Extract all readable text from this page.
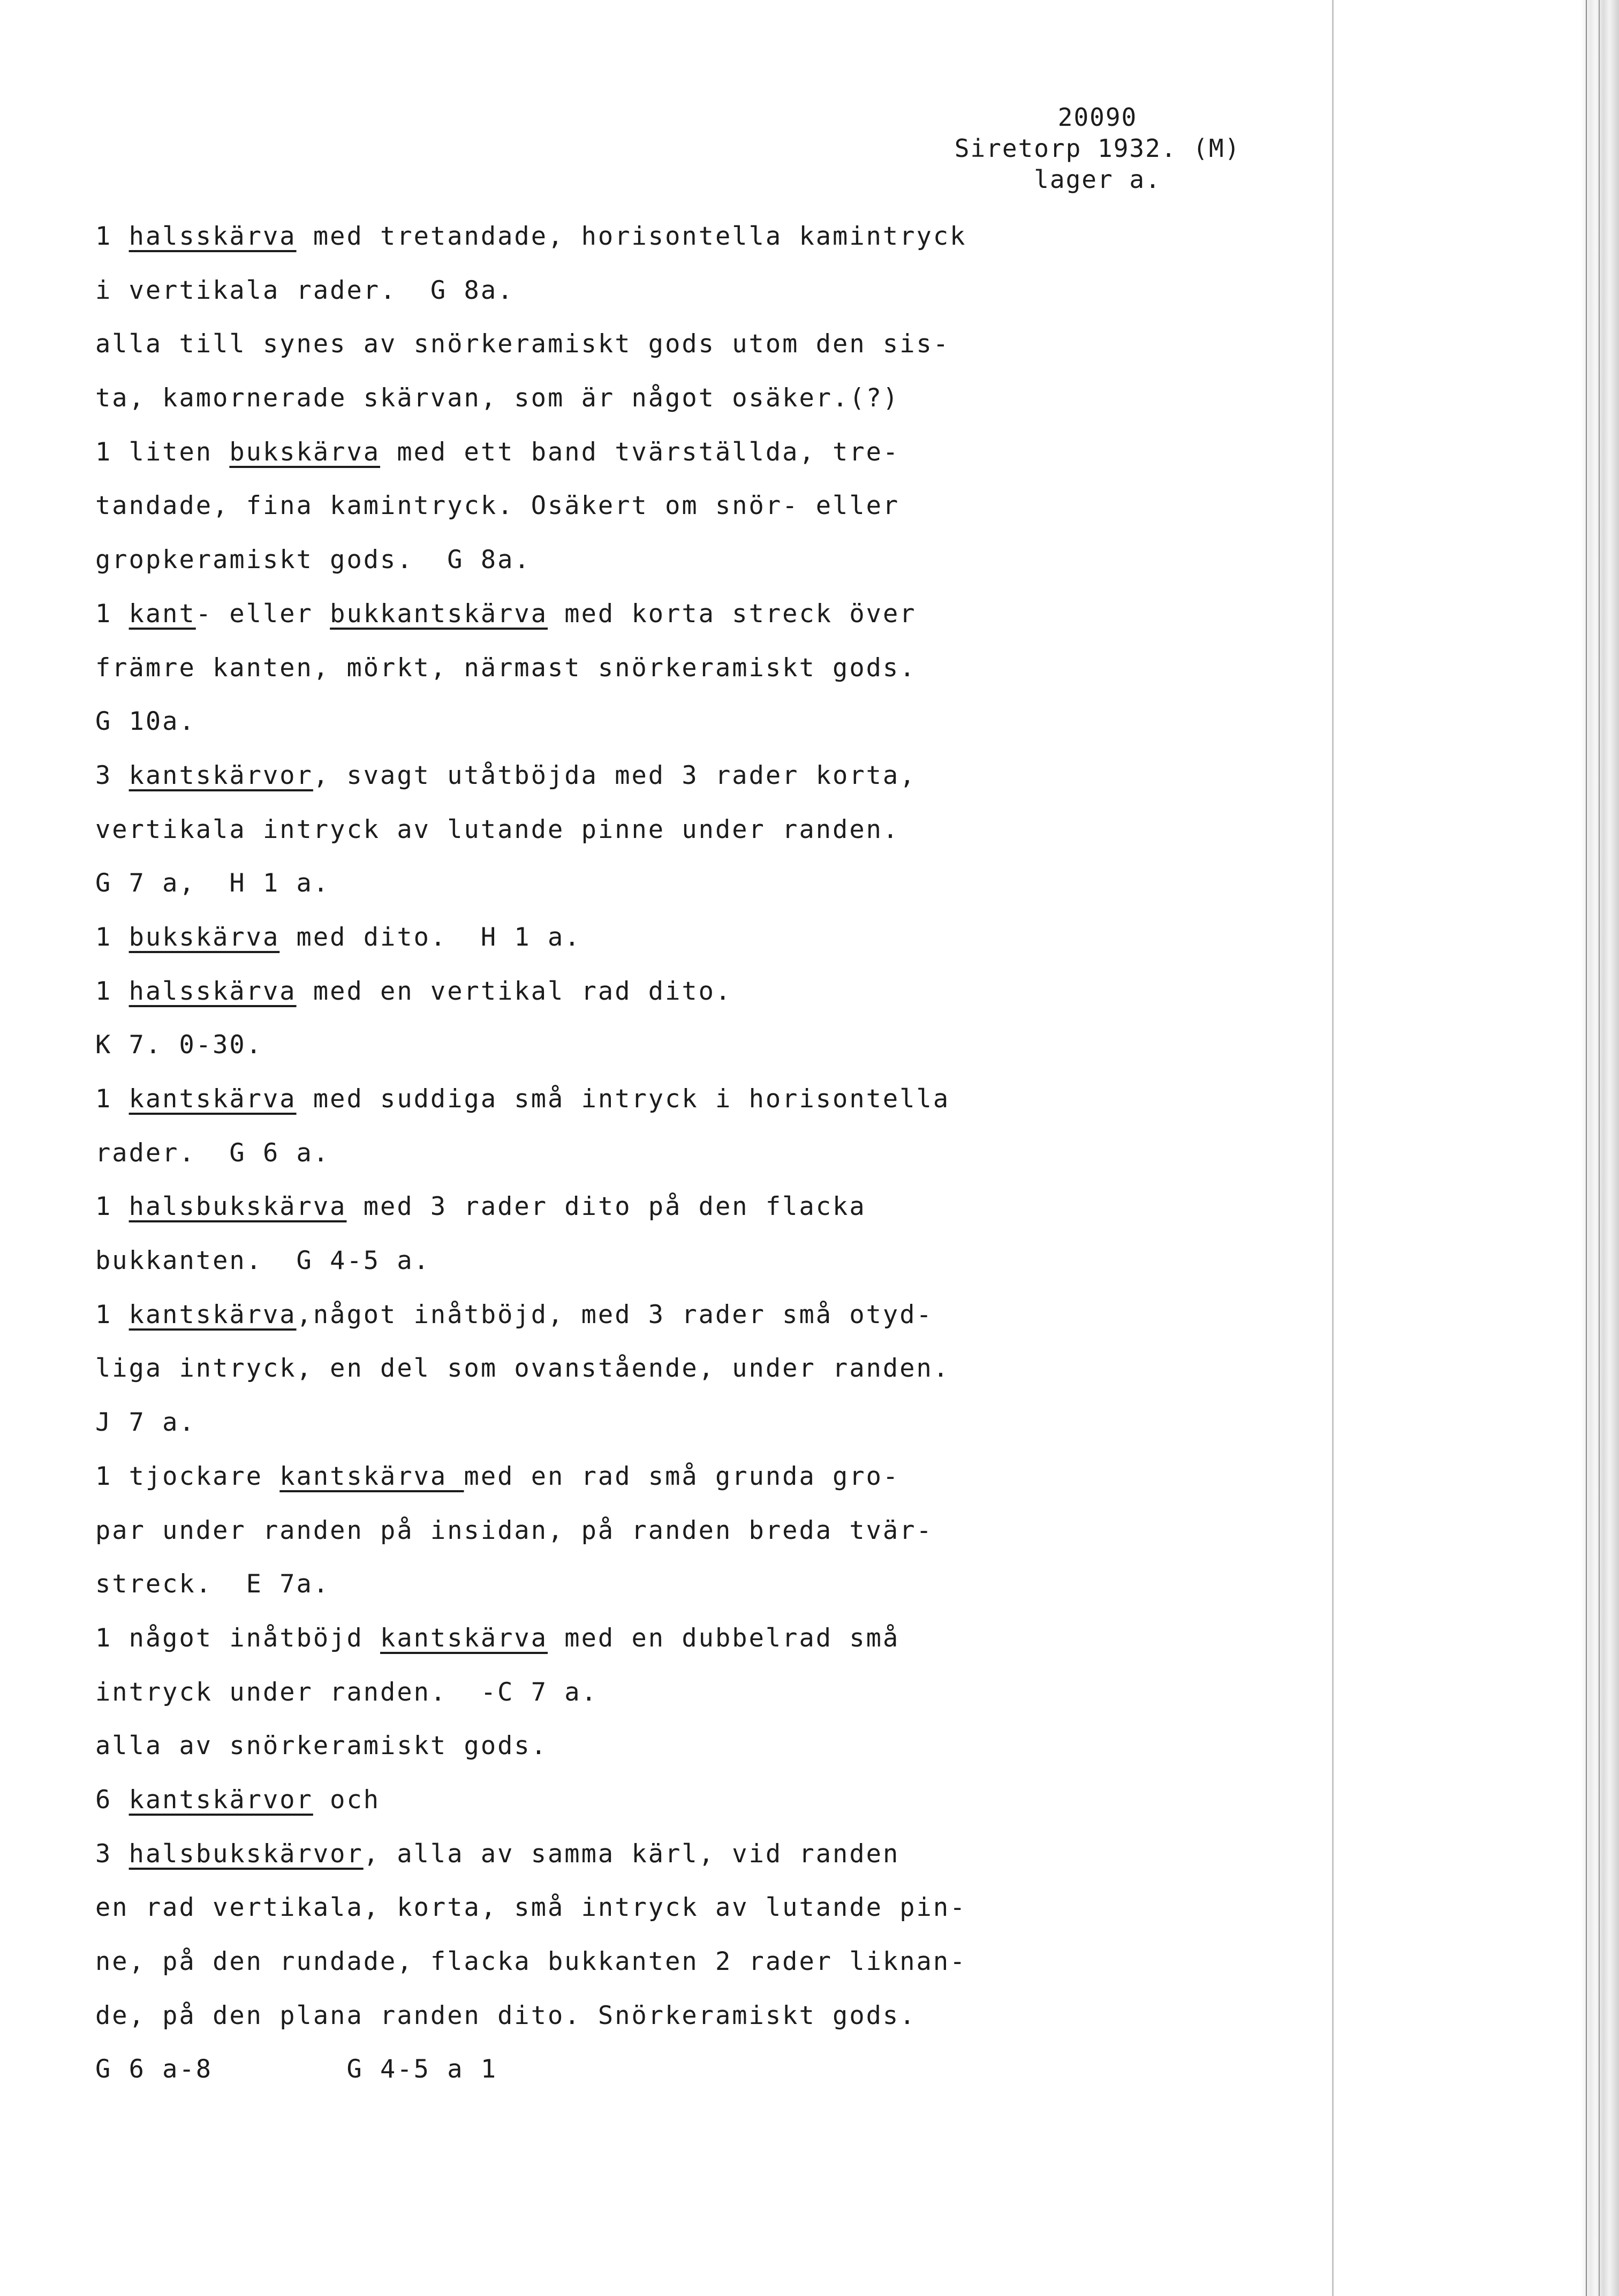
20090
Siretorp 1932. (M)
lager a.
1 halsskärva med tretandade, horisontella kamintryck
i vertikala rader.  G 8a.
alla till synes av snörkeramiskt gods utom den sis-
ta, kamornerade skärvan, som är något osäker.(?)
1 liten bukskärva med ett band tvärställda, tre-
tandade, fina kamintryck. Osäkert om snör- eller
gropkeramiskt gods.  G 8a.
1 kant- eller bukkantskärva med korta streck över
främre kanten, mörkt, närmast snörkeramiskt gods.
G 10a.
3 kantskärvor, svagt utåtböjda med 3 rader korta,
vertikala intryck av lutande pinne under randen.
G 7 a,  H 1 a.
1 bukskärva med dito.  H 1 a.
1 halsskärva med en vertikal rad dito.
K 7. 0-30.
1 kantskärva med suddiga små intryck i horisontella
rader.  G 6 a.
1 halsbukskärva med 3 rader dito på den flacka
bukkanten.  G 4-5 a.
1 kantskärva,något inåtböjd, med 3 rader små otyd-
liga intryck, en del som ovanstående, under randen.
J 7 a.
1 tjockare kantskärva med en rad små grunda gro-
par under randen på insidan, på randen breda tvär-
streck.  E 7a.
1 något inåtböjd kantskärva med en dubbelrad små
intryck under randen.  -C 7 a.
alla av snörkeramiskt gods.
6 kantskärvor och
3 halsbukskärvor, alla av samma kärl, vid randen
en rad vertikala, korta, små intryck av lutande pin-
ne, på den rundade, flacka bukkanten 2 rader liknan-
de, på den plana randen dito. Snörkeramiskt gods.
G 6 a-8        G 4-5 a 1
